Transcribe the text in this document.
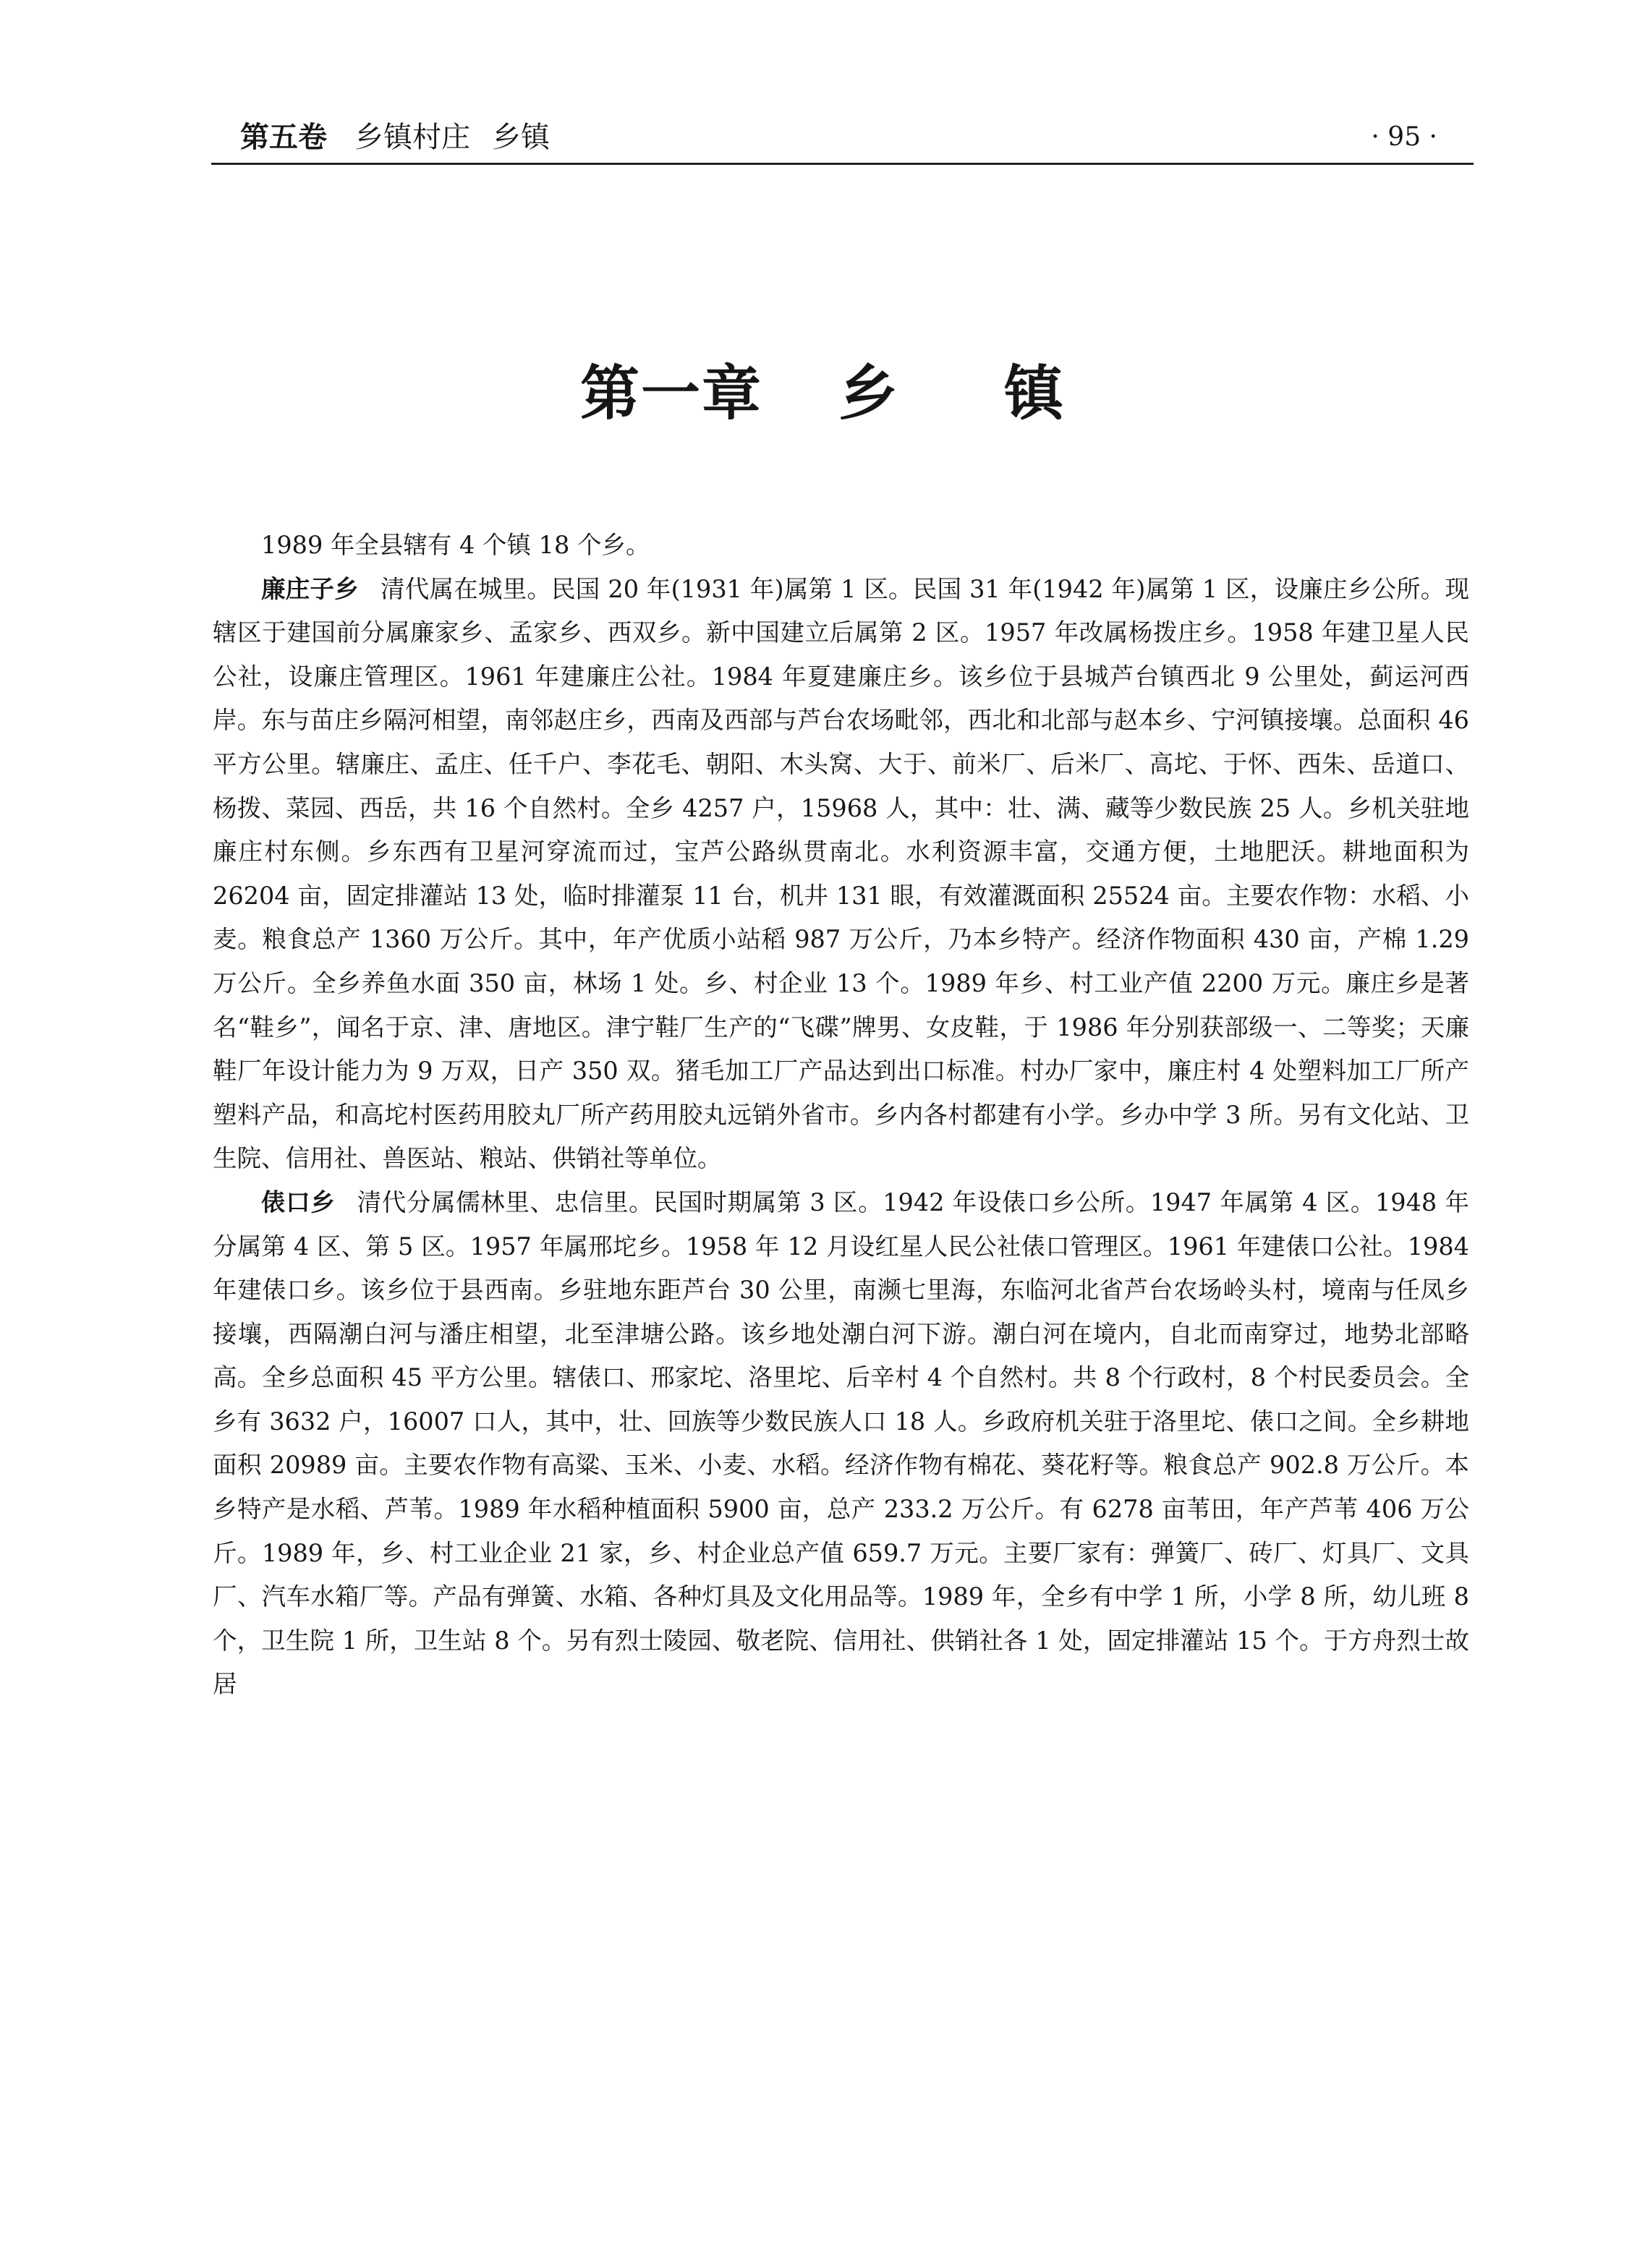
第五卷 乡镇村庄 乡镇	· 95 ·
第一章 乡 镇

1989 年全县辖有 4 个镇 18 个乡。

廉庄子乡 清代属在城里。民国 20 年(1931 年)属第 1 区。民国 31 年(1942 年)属第 1 区，设廉庄乡公所。现辖区于建国前分属廉家乡、孟家乡、西双乡。新中国建立后属第 2 区。1957 年改属杨拨庄乡。1958 年建卫星人民公社，设廉庄管理区。1961 年建廉庄公社。1984 年夏建廉庄乡。该乡位于县城芦台镇西北 9 公里处，蓟运河西岸。东与苗庄乡隔河相望，南邻赵庄乡，西南及西部与芦台农场毗邻，西北和北部与赵本乡、宁河镇接壤。总面积 46 平方公里。辖廉庄、孟庄、任千户、李花毛、朝阳、木头窝、大于、前米厂、后米厂、高坨、于怀、西朱、岳道口、杨拨、菜园、西岳，共 16 个自然村。全乡 4257 户，15968 人，其中：壮、满、藏等少数民族 25 人。乡机关驻地廉庄村东侧。乡东西有卫星河穿流而过，宝芦公路纵贯南北。水利资源丰富，交通方便，土地肥沃。耕地面积为 26204 亩，固定排灌站 13 处，临时排灌泵 11 台，机井 131 眼，有效灌溉面积 25524 亩。主要农作物：水稻、小麦。粮食总产 1360 万公斤。其中，年产优质小站稻 987 万公斤，乃本乡特产。经济作物面积 430 亩，产棉 1.29 万公斤。全乡养鱼水面 350 亩，林场 1 处。乡、村企业 13 个。1989 年乡、村工业产值 2200 万元。廉庄乡是著名“鞋乡”，闻名于京、津、唐地区。津宁鞋厂生产的“飞碟”牌男、女皮鞋，于 1986 年分别获部级一、二等奖；天廉鞋厂年设计能力为 9 万双，日产 350 双。猪毛加工厂产品达到出口标准。村办厂家中，廉庄村 4 处塑料加工厂所产塑料产品，和高坨村医药用胶丸厂所产药用胶丸远销外省市。乡内各村都建有小学。乡办中学 3 所。另有文化站、卫生院、信用社、兽医站、粮站、供销社等单位。

俵口乡 清代分属儒林里、忠信里。民国时期属第 3 区。1942 年设俵口乡公所。1947 年属第 4 区。1948 年分属第 4 区、第 5 区。1957 年属邢坨乡。1958 年 12 月设红星人民公社俵口管理区。1961 年建俵口公社。1984 年建俵口乡。该乡位于县西南。乡驻地东距芦台 30 公里，南濒七里海，东临河北省芦台农场岭头村，境南与任凤乡接壤，西隔潮白河与潘庄相望，北至津塘公路。该乡地处潮白河下游。潮白河在境内，自北而南穿过，地势北部略高。全乡总面积 45 平方公里。辖俵口、邢家坨、洛里坨、后辛村 4 个自然村。共 8 个行政村，8 个村民委员会。全乡有 3632 户，16007 口人，其中，壮、回族等少数民族人口 18 人。乡政府机关驻于洛里坨、俵口之间。全乡耕地面积 20989 亩。主要农作物有高粱、玉米、小麦、水稻。经济作物有棉花、葵花籽等。粮食总产 902.8 万公斤。本乡特产是水稻、芦苇。1989 年水稻种植面积 5900 亩，总产 233.2 万公斤。有 6278 亩苇田，年产芦苇 406 万公斤。1989 年，乡、村工业企业 21 家，乡、村企业总产值 659.7 万元。主要厂家有：弹簧厂、砖厂、灯具厂、文具厂、汽车水箱厂等。产品有弹簧、水箱、各种灯具及文化用品等。1989 年，全乡有中学 1 所，小学 8 所，幼儿班 8 个，卫生院 1 所，卫生站 8 个。另有烈士陵园、敬老院、信用社、供销社各 1 处，固定排灌站 15 个。于方舟烈士故居
